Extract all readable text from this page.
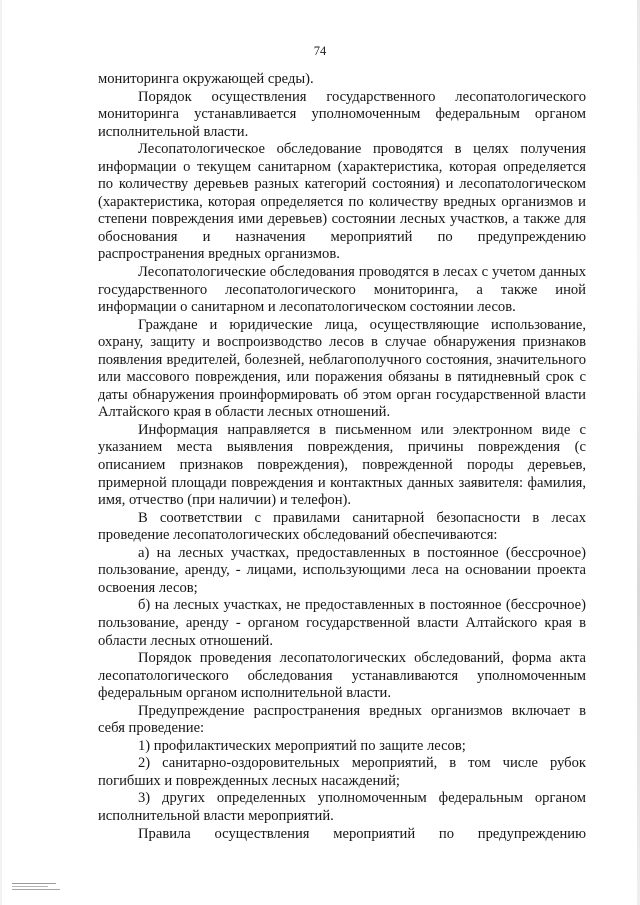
74

мониторинга окружающей среды).

Порядок осуществления государственного лесопатологического мониторинга устанавливается уполномоченным федеральным органом исполнительной власти.

Лесопатологическое обследование проводятся в целях получения информации о текущем санитарном (характеристика, которая определяется по количеству деревьев разных категорий состояния) и лесопатологическом (характеристика, которая определяется по количеству вредных организмов и степени повреждения ими деревьев) состоянии лесных участков, а также для обоснования и назначения мероприятий по предупреждению распространения вредных организмов.

Лесопатологические обследования проводятся в лесах с учетом данных государственного лесопатологического мониторинга, а также иной информации о санитарном и лесопатологическом состоянии лесов.

Граждане и юридические лица, осуществляющие использование, охрану, защиту и воспроизводство лесов в случае обнаружения признаков появления вредителей, болезней, неблагополучного состояния, значительного или массового повреждения, или поражения обязаны в пятидневный срок с даты обнаружения проинформировать об этом орган государственной власти Алтайского края в области лесных отношений.

Информация направляется в письменном или электронном виде с указанием места выявления повреждения, причины повреждения (с описанием признаков повреждения), поврежденной породы деревьев, примерной площади повреждения и контактных данных заявителя: фамилия, имя, отчество (при наличии) и телефон).

В соответствии с правилами санитарной безопасности в лесах проведение лесопатологических обследований обеспечиваются:

а) на лесных участках, предоставленных в постоянное (бессрочное) пользование, аренду, - лицами, использующими леса на основании проекта освоения лесов;

б) на лесных участках, не предоставленных в постоянное (бессрочное) пользование, аренду - органом государственной власти Алтайского края в области лесных отношений.

Порядок проведения лесопатологических обследований, форма акта лесопатологического обследования устанавливаются уполномоченным федеральным органом исполнительной власти.

Предупреждение распространения вредных организмов включает в себя проведение:

1) профилактических мероприятий по защите лесов;

2) санитарно-оздоровительных мероприятий, в том числе рубок погибших и поврежденных лесных насаждений;

3) других определенных уполномоченным федеральным органом исполнительной власти мероприятий.

Правила осуществления мероприятий по предупреждению
